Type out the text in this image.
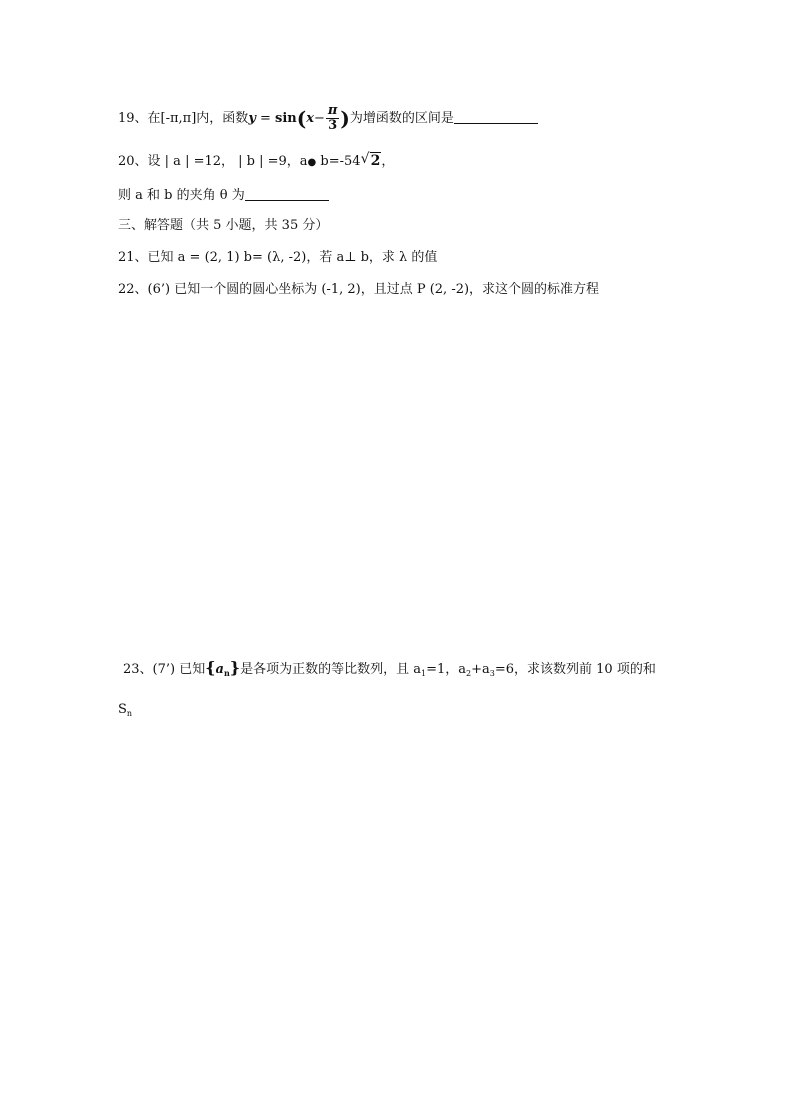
19、在[-π,π]内，函数$y = \sin(x- \frac{\pi}{3}$ )为增函数的区间是
20、设 | a | =12， | b | =9，a● b=-54 √ 2，
则 a 和 b 的夹角 θ 为
三、解答题（共 5 小题，共 35 分）
21、已知 a = (2, 1) b= (λ, -2)，若 a⊥ b，求 λ 的值
22、(6’) 已知一个圆的圆心坐标为 (-1, 2)，且过点 P (2, -2)，求这个圆的标准方程
23、(7’) 已知$\{a_n\}$是各项为正数的等比数列，且 $a_1=1$，$a_2+a_3=6$，求该数列前 10 项的和
$S_n$
